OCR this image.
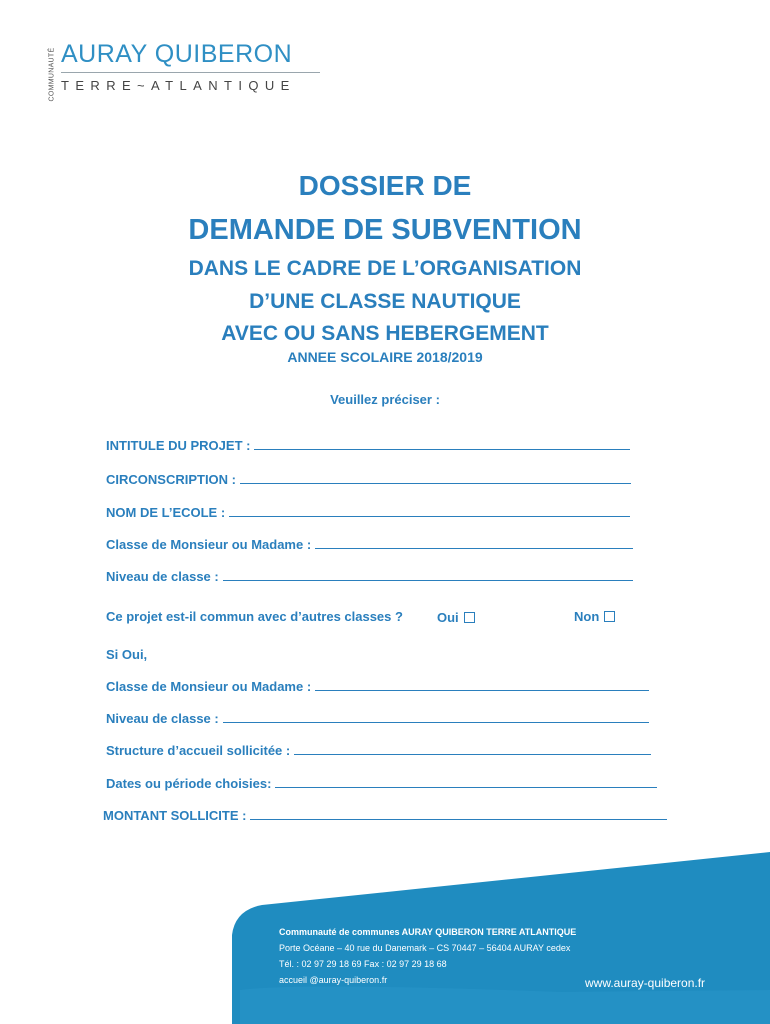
COMMUNAUTÉ AURAY QUIBERON
TERRE~ATLANTIQUE
DOSSIER DE
DEMANDE DE SUBVENTION
DANS LE CADRE DE L’ORGANISATION
D’UNE CLASSE NAUTIQUE
AVEC OU SANS HEBERGEMENT
ANNEE SCOLAIRE 2018/2019
Veuillez préciser :
INTITULE DU PROJET :
CIRCONSCRIPTION :
NOM DE L’ECOLE :
Classe de Monsieur ou Madame :
Niveau de classe :
Ce projet est-il commun avec d’autres classes ?	Oui	Non
Si Oui,
Classe de Monsieur ou Madame :
Niveau de classe :
Structure d’accueil sollicitée :
Dates ou période choisies:
MONTANT SOLLICITE :
Communauté de communes AURAY QUIBERON TERRE ATLANTIQUE
Porte Océane – 40 rue du Danemark – CS 70447 – 56404 AURAY cedex
Tél. : 02 97 29 18 69 Fax : 02 97 29 18 68
accueil @auray-quiberon.fr	www.auray-quiberon.fr
